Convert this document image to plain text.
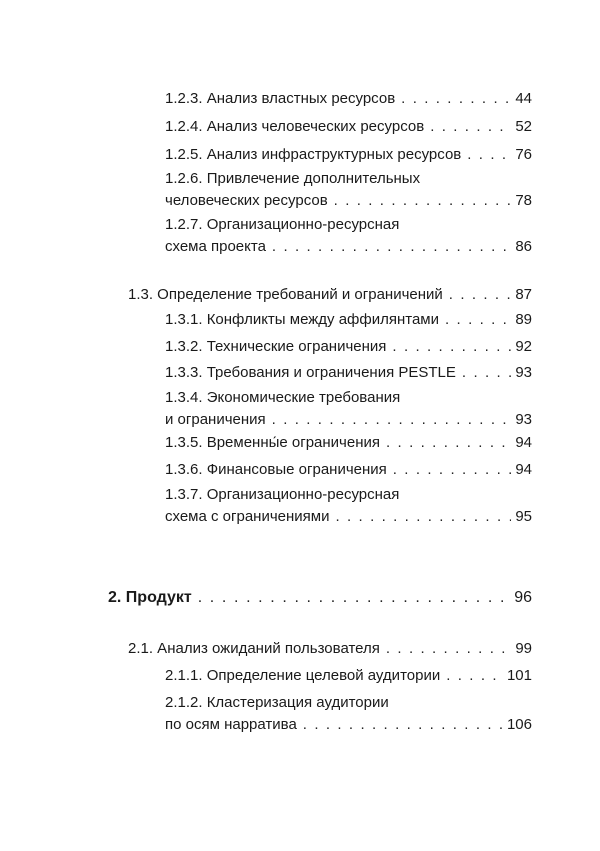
1.2.3. Анализ властных ресурсов . . .	44
1.2.4. Анализ человеческих ресурсов . . .	52
1.2.5. Анализ инфраструктурных ресурсов . . .	76
1.2.6. Привлечение дополнительных
человеческих ресурсов . . .	78
1.2.7. Организационно-ресурсная
схема проекта . . .	86
1.3. Определение требований и ограничений . . .	87
1.3.1. Конфликты между аффилянтами . . .	89
1.3.2. Технические ограничения . . .	92
1.3.3. Требования и ограничения PESTLE . . .	93
1.3.4. Экономические требования
и ограничения . . .	93
1.3.5. Временны́е ограничения . . .	94
1.3.6. Финансовые ограничения . . .	94
1.3.7. Организационно-ресурсная
схема с ограничениями . . .	95
2. Продукт . . .	96
2.1. Анализ ожиданий пользователя . . .	99
2.1.1. Определение целевой аудитории . . .	101
2.1.2. Кластеризация аудитории
по осям нарратива . . .	106
